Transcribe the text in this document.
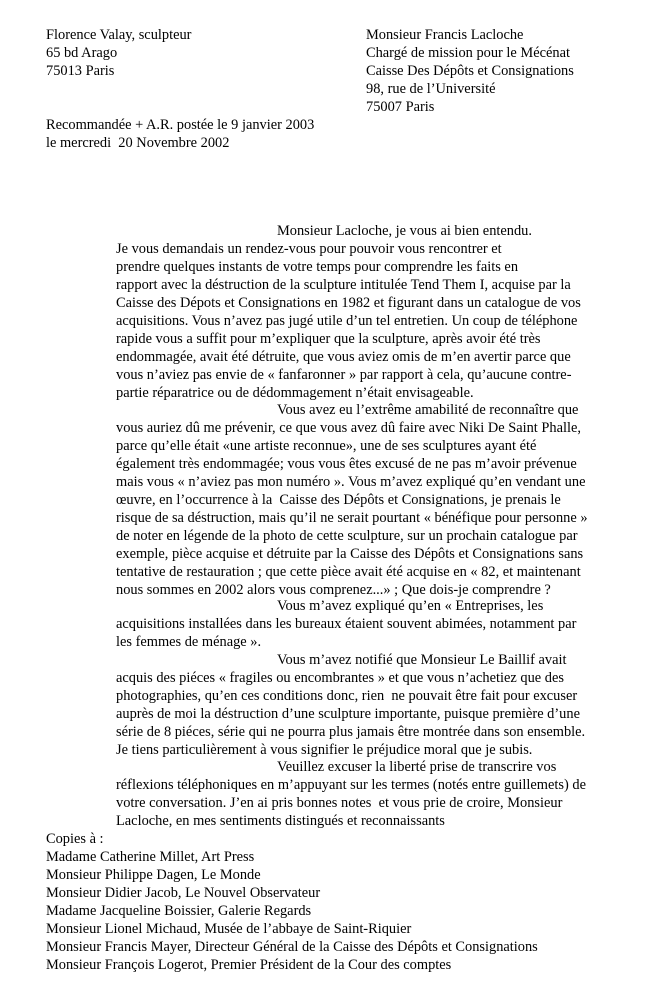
Florence Valay, sculpteur
65 bd Arago
75013 Paris
Monsieur Francis Lacloche
Chargé de mission pour le Mécénat
Caisse Des Dépôts et Consignations
98, rue de l’Université
75007 Paris
Recommandée + A.R. postée le 9 janvier 2003
le mercredi  20 Novembre 2002
Monsieur Lacloche, je vous ai bien entendu.
Je vous demandais un rendez-vous pour pouvoir vous rencontrer et
prendre quelques instants de votre temps pour comprendre les faits en
rapport avec la déstruction de la sculpture intitulée Tend Them I, acquise par la
Caisse des Dépots et Consignations en 1982 et figurant dans un catalogue de vos
acquisitions. Vous n’avez pas jugé utile d’un tel entretien. Un coup de téléphone
rapide vous a suffit pour m’expliquer que la sculpture, après avoir été très
endommagée, avait été détruite, que vous aviez omis de m’en avertir parce que
vous n’aviez pas envie de « fanfaronner » par rapport à cela, qu’aucune contre-
partie réparatrice ou de dédommagement n’était envisageable.
Vous avez eu l’extrême amabilité de reconnaître que
vous auriez dû me prévenir, ce que vous avez dû faire avec Niki De Saint Phalle,
parce qu’elle était «une artiste reconnue», une de ses sculptures ayant été
également très endommagée; vous vous êtes excusé de ne pas m’avoir prévenue
mais vous « n’aviez pas mon numéro ». Vous m’avez expliqué qu’en vendant une
œuvre, en l’occurrence à la  Caisse des Dépôts et Consignations, je prenais le
risque de sa déstruction, mais qu’il ne serait pourtant « bénéfique pour personne »
de noter en légende de la photo de cette sculpture, sur un prochain catalogue par
exemple, pièce acquise et détruite par la Caisse des Dépôts et Consignations sans
tentative de restauration ; que cette pièce avait été acquise en « 82, et maintenant
nous sommes en 2002 alors vous comprenez...» ; Que dois-je comprendre ?
Vous m’avez expliqué qu’en « Entreprises, les
acquisitions installées dans les bureaux étaient souvent abimées, notamment par
les femmes de ménage ».
Vous m’avez notifié que Monsieur Le Baillif avait
acquis des piéces « fragiles ou encombrantes » et que vous n’achetiez que des
photographies, qu’en ces conditions donc, rien  ne pouvait être fait pour excuser
auprès de moi la déstruction d’une sculpture importante, puisque première d’une
série de 8 piéces, série qui ne pourra plus jamais être montrée dans son ensemble.
Je tiens particulièrement à vous signifier le préjudice moral que je subis.
Veuillez excuser la liberté prise de transcrire vos
réflexions téléphoniques en m’appuyant sur les termes (notés entre guillemets) de
votre conversation. J’en ai pris bonnes notes  et vous prie de croire, Monsieur
Lacloche, en mes sentiments distingués et reconnaissants
Copies à :
Madame Catherine Millet, Art Press
Monsieur Philippe Dagen, Le Monde
Monsieur Didier Jacob, Le Nouvel Observateur
Madame Jacqueline Boissier, Galerie Regards
Monsieur Lionel Michaud, Musée de l’abbaye de Saint-Riquier
Monsieur Francis Mayer, Directeur Général de la Caisse des Dépôts et Consignations
Monsieur François Logerot, Premier Président de la Cour des comptes
